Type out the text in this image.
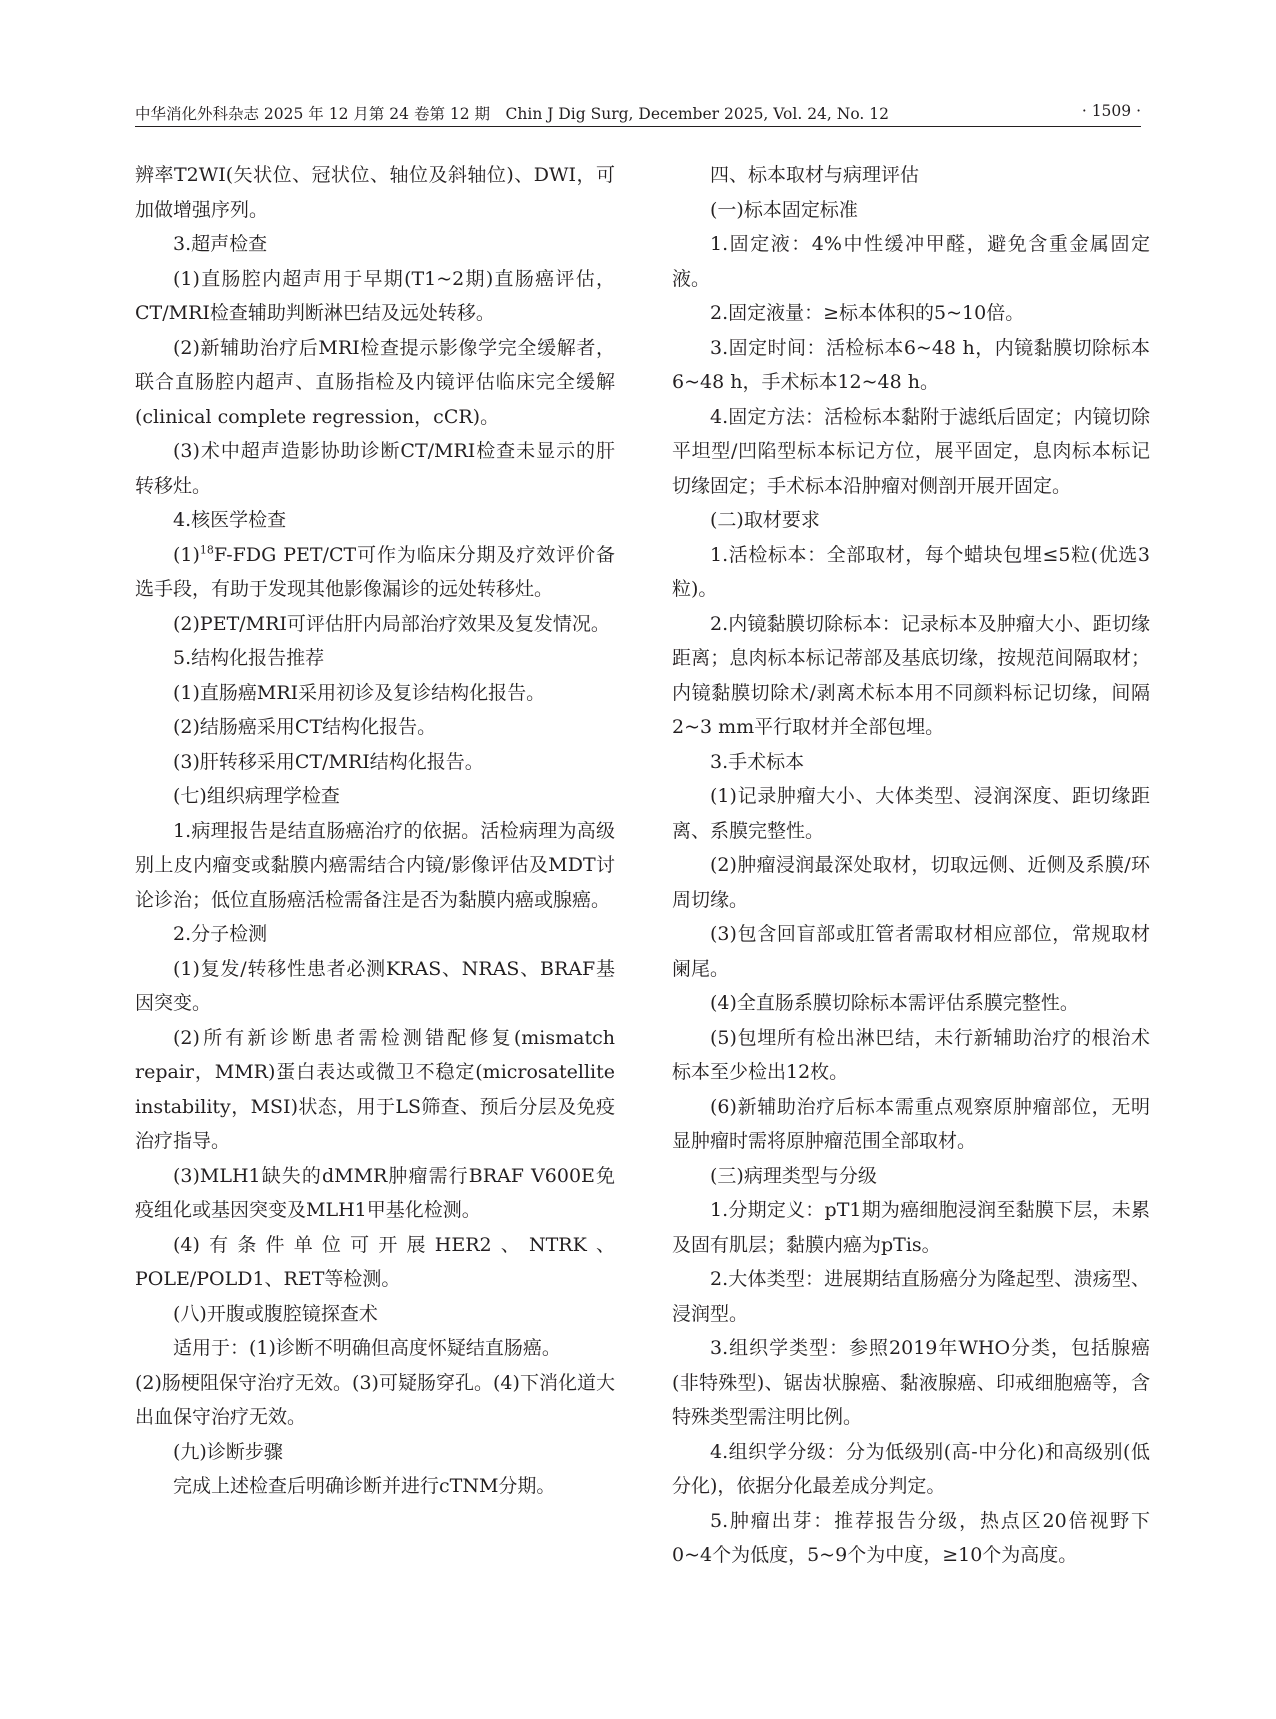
中华消化外科杂志 2025 年 12 月第 24 卷第 12 期　Chin J Dig Surg, December 2025, Vol. 24, No. 12	· 1509 ·

辨率T2WI(矢状位、冠状位、轴位及斜轴位)、DWI，可加做增强序列。

3.超声检查

(1)直肠腔内超声用于早期(T1~2期)直肠癌评估，CT/MRI检查辅助判断淋巴结及远处转移。

(2)新辅助治疗后MRI检查提示影像学完全缓解者，联合直肠腔内超声、直肠指检及内镜评估临床完全缓解(clinical complete regression，cCR)。

(3)术中超声造影协助诊断CT/MRI检查未显示的肝转移灶。

4.核医学检查

$(1)^{18}F$-FDG PET/CT可作为临床分期及疗效评价备选手段，有助于发现其他影像漏诊的远处转移灶。

(2)PET/MRI可评估肝内局部治疗效果及复发情况。

5.结构化报告推荐

(1)直肠癌MRI采用初诊及复诊结构化报告。

(2)结肠癌采用CT结构化报告。

(3)肝转移采用CT/MRI结构化报告。

(七)组织病理学检查

1.病理报告是结直肠癌治疗的依据。活检病理为高级别上皮内瘤变或黏膜内癌需结合内镜/影像评估及MDT讨论诊治；低位直肠癌活检需备注是否为黏膜内癌或腺癌。

2.分子检测

(1)复发/转移性患者必测KRAS、NRAS、BRAF基因突变。

(2)所有新诊断患者需检测错配修复(mismatch repair，MMR)蛋白表达或微卫不稳定(microsatellite instability，MSI)状态，用于LS筛查、预后分层及免疫治疗指导。

(3)MLH1缺失的dMMR肿瘤需行BRAF V600E免疫组化或基因突变及MLH1甲基化检测。

(4)有条件单位可开展HER2、NTRK、POLE/POLD1、RET等检测。

(八)开腹或腹腔镜探查术

适用于：(1)诊断不明确但高度怀疑结直肠癌。

(2)肠梗阻保守治疗无效。(3)可疑肠穿孔。(4)下消化道大出血保守治疗无效。

(九)诊断步骤

完成上述检查后明确诊断并进行cTNM分期。

四、标本取材与病理评估

(一)标本固定标准

1.固定液：4%中性缓冲甲醛，避免含重金属固定液。

2.固定液量：≥标本体积的5~10倍。

3.固定时间：活检标本6~48 h，内镜黏膜切除标本6~48 h，手术标本12~48 h。

4.固定方法：活检标本黏附于滤纸后固定；内镜切除平坦型/凹陷型标本标记方位，展平固定，息肉标本标记切缘固定；手术标本沿肿瘤对侧剖开展开固定。

(二)取材要求

1.活检标本：全部取材，每个蜡块包埋≤5粒(优选3粒)。

2.内镜黏膜切除标本：记录标本及肿瘤大小、距切缘距离；息肉标本标记蒂部及基底切缘，按规范间隔取材；内镜黏膜切除术/剥离术标本用不同颜料标记切缘，间隔2~3 mm平行取材并全部包埋。

3.手术标本

(1)记录肿瘤大小、大体类型、浸润深度、距切缘距离、系膜完整性。

(2)肿瘤浸润最深处取材，切取远侧、近侧及系膜/环周切缘。

(3)包含回盲部或肛管者需取材相应部位，常规取材阑尾。

(4)全直肠系膜切除标本需评估系膜完整性。

(5)包埋所有检出淋巴结，未行新辅助治疗的根治术标本至少检出12枚。

(6)新辅助治疗后标本需重点观察原肿瘤部位，无明显肿瘤时需将原肿瘤范围全部取材。

(三)病理类型与分级

1.分期定义：pT1期为癌细胞浸润至黏膜下层，未累及固有肌层；黏膜内癌为pTis。

2.大体类型：进展期结直肠癌分为隆起型、溃疡型、浸润型。

3.组织学类型：参照2019年WHO分类，包括腺癌(非特殊型)、锯齿状腺癌、黏液腺癌、印戒细胞癌等，含特殊类型需注明比例。

4.组织学分级：分为低级别(高-中分化)和高级别(低分化)，依据分化最差成分判定。

5.肿瘤出芽：推荐报告分级，热点区20倍视野下0~4个为低度，5~9个为中度，≥10个为高度。
